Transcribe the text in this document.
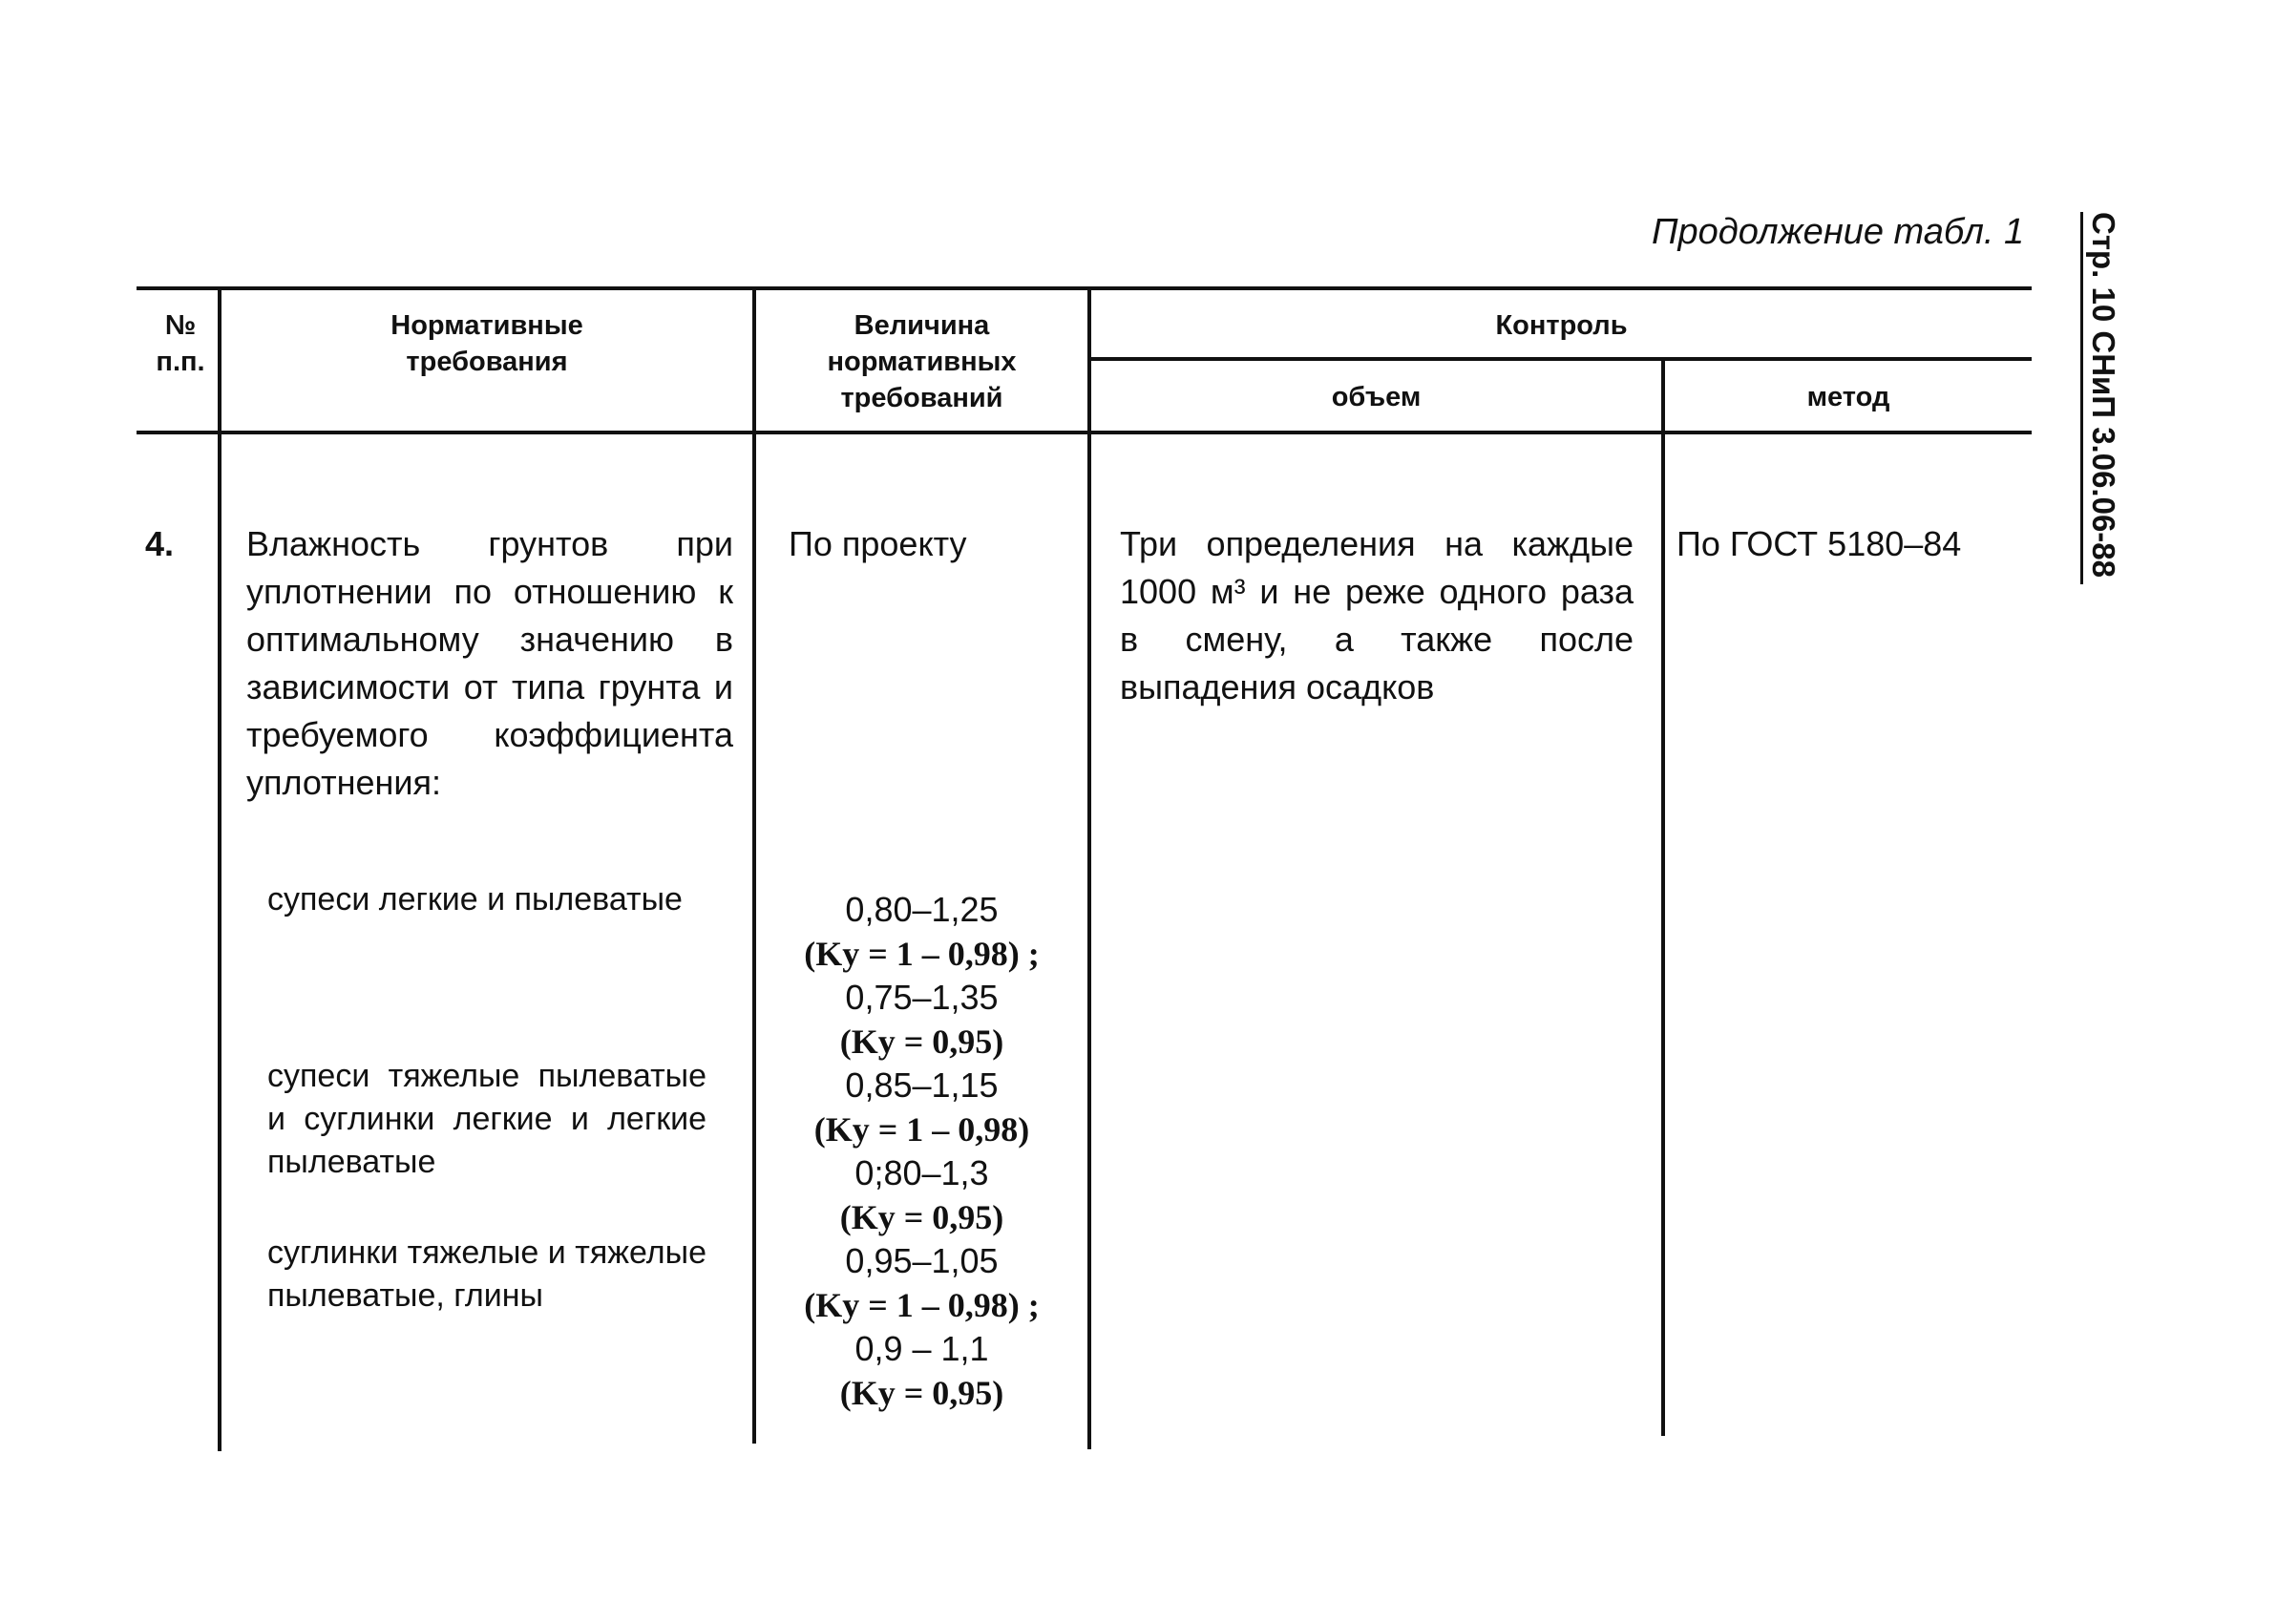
Продолжение табл. 1 Стр. 10 СНиП 3.06.06-88
№
п.п.
Нормативные
требования
Величина
нормативных
требований
Контроль
объем	метод
4. Влажность грунтов при уплотнении по отношению к оптимальному значению в зависимости от типа грунта и требуемого коэффициента уплотнения:
По проекту	Три определения на каждые 1000 м³ и не реже одного раза в смену, а также после выпадения осадков
По ГОСТ 5180–84
супеси легкие и пылеватые
супеси тяжелые пылеватые и суглинки легкие и легкие пылеватые
суглинки тяжелые и тяжелые пылеватые, глины
0,80–1,25
(Kу = 1 – 0,98) ;
0,75–1,35
(Kу = 0,95)
0,85–1,15
(Kу = 1 – 0,98)
0;80–1,3
(Kу = 0,95)
0,95–1,05
(Kу = 1 – 0,98) ;
0,9 – 1,1
(Kу = 0,95)
